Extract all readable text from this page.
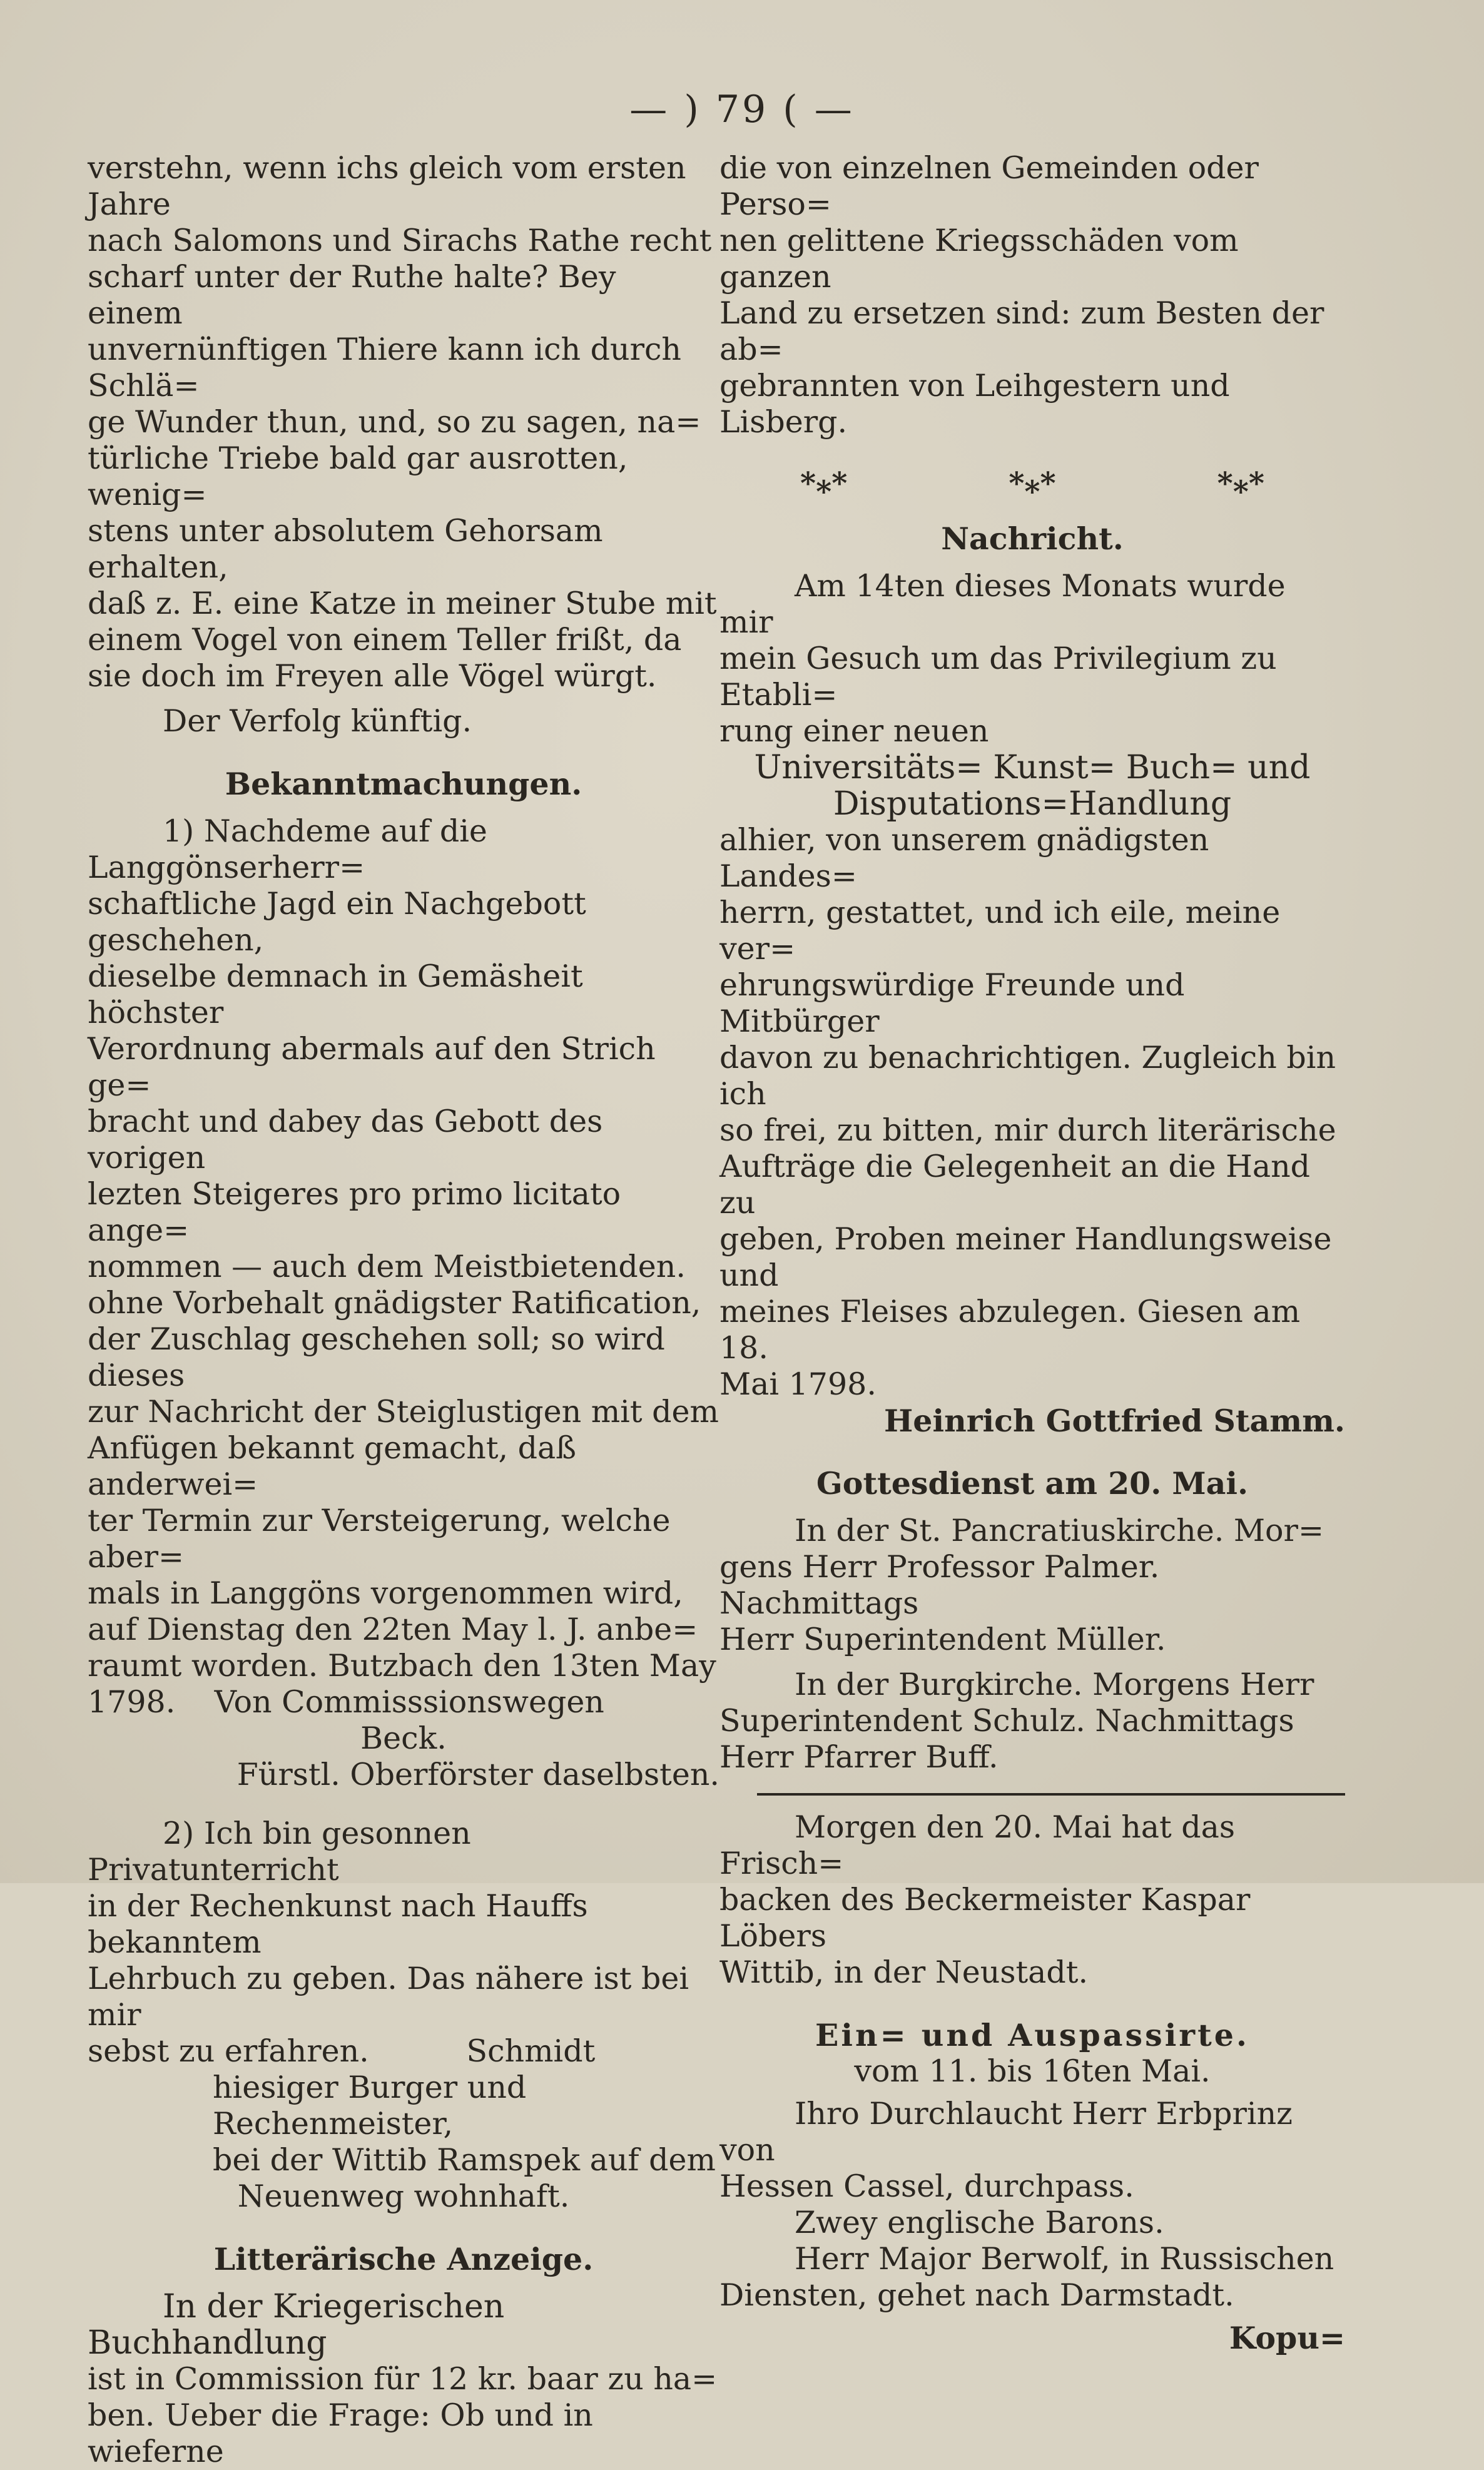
— ) 79 ( —

verstehn, wenn ichs gleich vom ersten Jahre

nach Salomons und Sirachs Rathe recht

scharf unter der Ruthe halte? Bey einem

unvernünftigen Thiere kann ich durch Schlä=

ge Wunder thun, und, so zu sagen, na=

türliche Triebe bald gar ausrotten, wenig=

stens unter absolutem Gehorsam erhalten,

daß z. E. eine Katze in meiner Stube mit

einem Vogel von einem Teller frißt, da

sie doch im Freyen alle Vögel würgt.

Der Verfolg künftig.

Bekanntmachungen.

1) Nachdeme auf die Langgönserherr=

schaftliche Jagd ein Nachgebott geschehen,

dieselbe demnach in Gemäsheit höchster

Verordnung abermals auf den Strich ge=

bracht und dabey das Gebott des vorigen

lezten Steigeres pro primo licitato ange=

nommen — auch dem Meistbietenden.

ohne Vorbehalt gnädigster Ratification,

der Zuschlag geschehen soll; so wird dieses

zur Nachricht der Steiglustigen mit dem

Anfügen bekannt gemacht, daß anderwei=

ter Termin zur Versteigerung, welche aber=

mals in Langgöns vorgenommen wird,

auf Dienstag den 22ten May l. J. anbe=

raumt worden. Butzbach den 13ten May

1798.    Von Commisssionswegen

Beck.

Fürstl. Oberförster daselbsten.

2) Ich bin gesonnen Privatunterricht

in der Rechenkunst nach Hauffs bekanntem

Lehrbuch zu geben. Das nähere ist bei mir

sebst zu erfahren.          Schmidt

hiesiger Burger und Rechenmeister,

bei der Wittib Ramspek auf dem

Neuenweg wohnhaft.

Litterärische Anzeige.

In der Kriegerischen Buchhandlung

ist in Commission für 12 kr. baar zu ha=

ben. Ueber die Frage: Ob und in wieferne

die von einzelnen Gemeinden oder Perso=

nen gelittene Kriegsschäden vom ganzen

Land zu ersetzen sind: zum Besten der ab=

gebrannten von Leihgestern und Lisberg.

*⁎*	*⁎*	*⁎*

Nachricht.

Am 14ten dieses Monats wurde mir

mein Gesuch um das Privilegium zu Etabli=

rung einer neuen

Universitäts= Kunst= Buch= und

Disputations=Handlung

alhier, von unserem gnädigsten Landes=

herrn, gestattet, und ich eile, meine ver=

ehrungswürdige Freunde und Mitbürger

davon zu benachrichtigen. Zugleich bin ich

so frei, zu bitten, mir durch literärische

Aufträge die Gelegenheit an die Hand zu

geben, Proben meiner Handlungsweise und

meines Fleises abzulegen. Giesen am 18.

Mai 1798.

Heinrich Gottfried Stamm.

Gottesdienst am 20. Mai.

In der St. Pancratiuskirche. Mor=

gens Herr Professor Palmer. Nachmittags

Herr Superintendent Müller.

In der Burgkirche. Morgens Herr

Superintendent Schulz. Nachmittags

Herr Pfarrer Buff.

Morgen den 20. Mai hat das Frisch=

backen des Beckermeister Kaspar Löbers

Wittib, in der Neustadt.

Ein= und Auspassirte.

vom 11. bis 16ten Mai.

Ihro Durchlaucht Herr Erbprinz von

Hessen Cassel, durchpass.

Zwey englische Barons.

Herr Major Berwolf, in Russischen

Diensten, gehet nach Darmstadt.

Kopu=
